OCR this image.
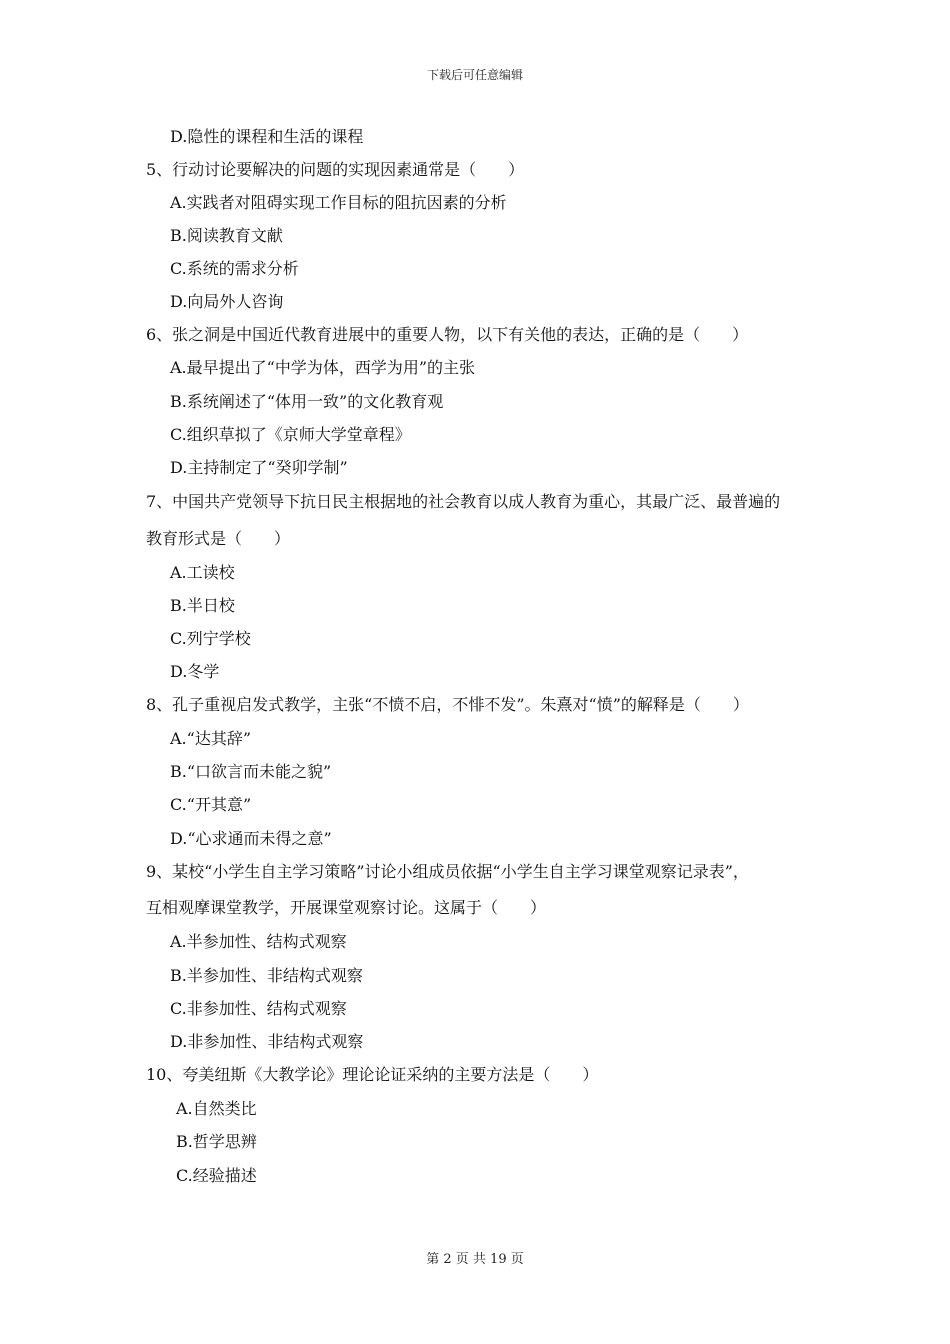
下载后可任意编辑
D.隐性的课程和生活的课程
5、行动讨论要解决的问题的实现因素通常是（　　）
A.实践者对阻碍实现工作目标的阻抗因素的分析
B.阅读教育文献
C.系统的需求分析
D.向局外人咨询
6、张之洞是中国近代教育进展中的重要人物，以下有关他的表达，正确的是（　　）
A.最早提出了“中学为体，西学为用”的主张
B.系统阐述了“体用一致”的文化教育观
C.组织草拟了《京师大学堂章程》
D.主持制定了“癸卯学制”
7、中国共产党领导下抗日民主根据地的社会教育以成人教育为重心，其最广泛、最普遍的
教育形式是（　　）
A.工读校
B.半日校
C.列宁学校
D.冬学
8、孔子重视启发式教学，主张“不愤不启，不悱不发”。朱熹对“愤”的解释是（　　）
A.“达其辞”
B.“口欲言而未能之貌”
C.“开其意”
D.“心求通而未得之意”
9、某校“小学生自主学习策略”讨论小组成员依据“小学生自主学习课堂观察记录表”，
互相观摩课堂教学，开展课堂观察讨论。这属于（　　）
A.半参加性、结构式观察
B.半参加性、非结构式观察
C.非参加性、结构式观察
D.非参加性、非结构式观察
10、夸美纽斯《大教学论》理论论证采纳的主要方法是（　　）
A.自然类比
B.哲学思辨
C.经验描述
第 2 页 共 19 页
